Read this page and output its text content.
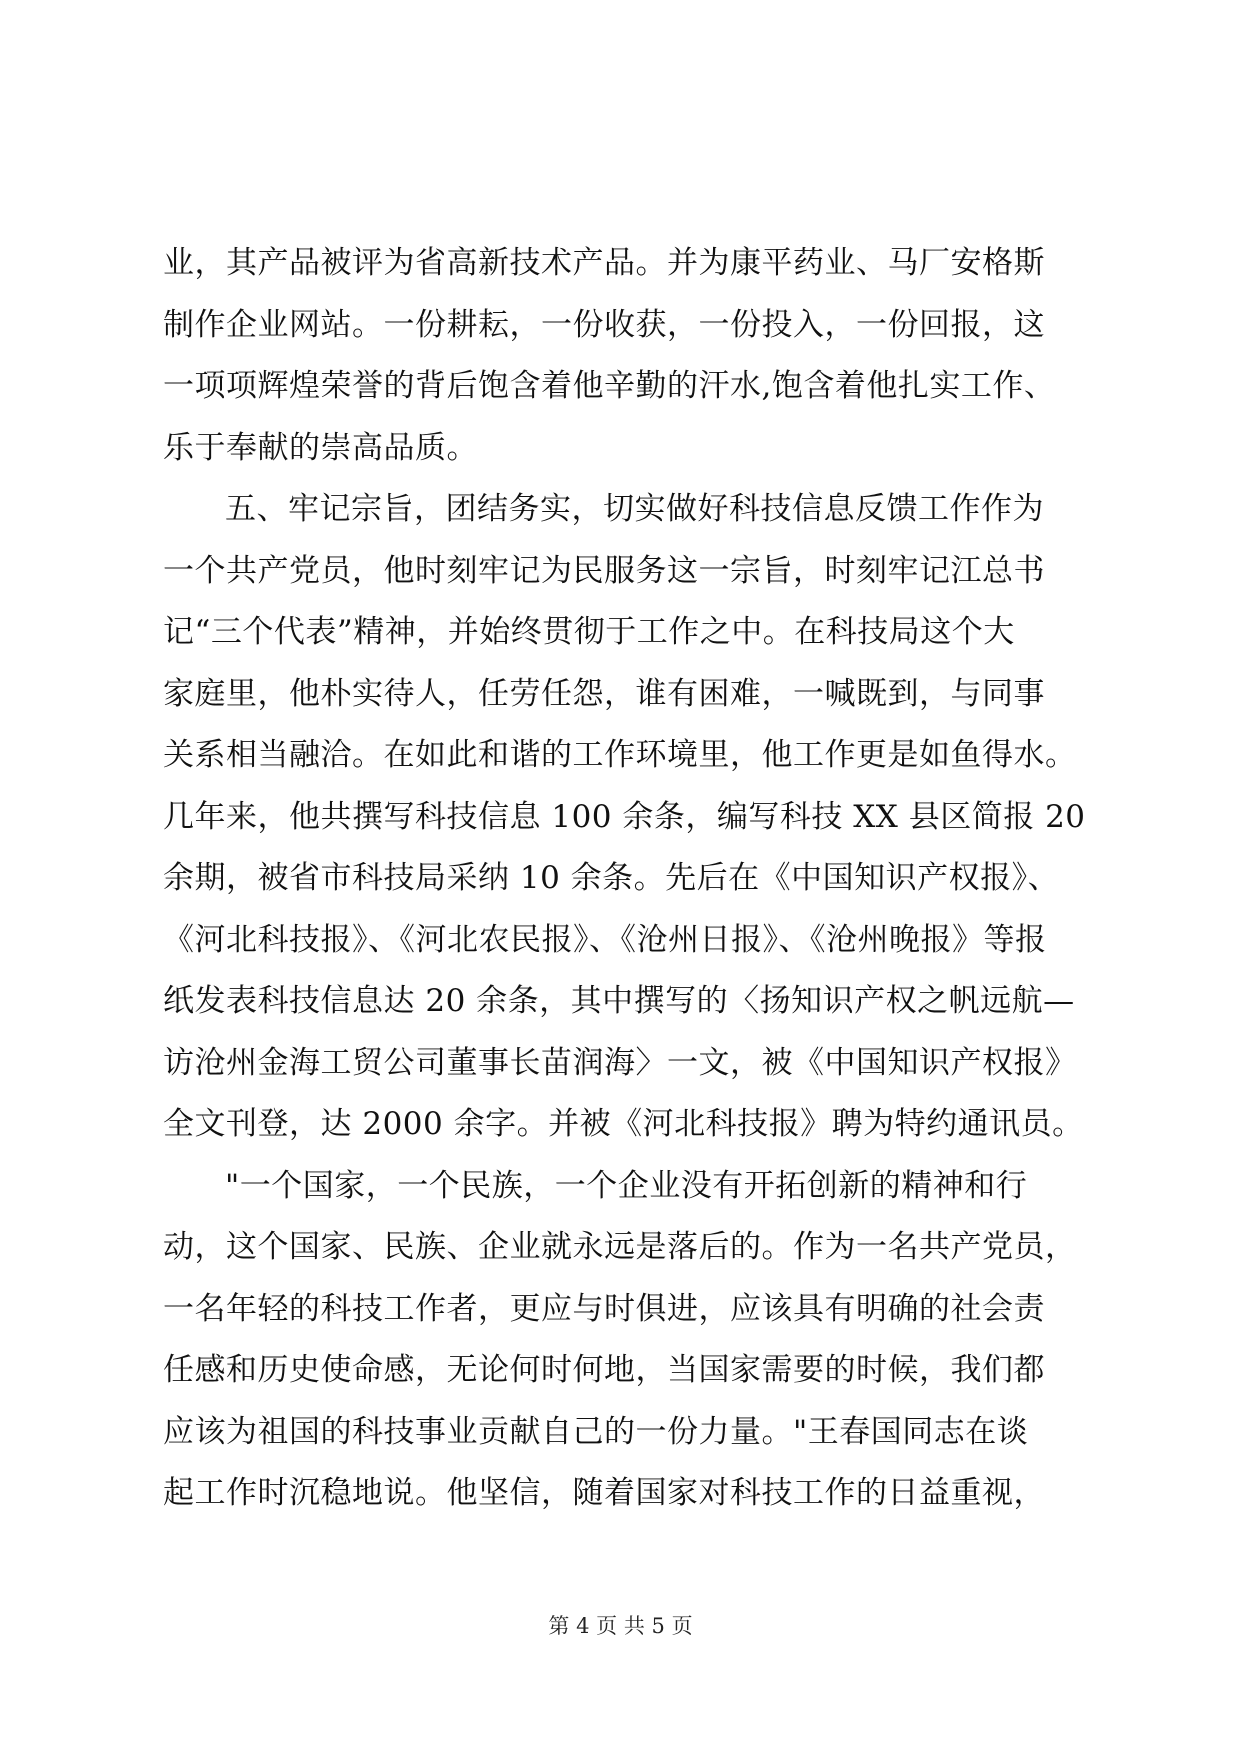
业，其产品被评为省高新技术产品。并为康平药业、马厂安格斯
制作企业网站。一份耕耘，一份收获，一份投入，一份回报，这
一项项辉煌荣誉的背后饱含着他辛勤的汗水,饱含着他扎实工作、
乐于奉献的崇高品质。
五、牢记宗旨，团结务实，切实做好科技信息反馈工作作为
一个共产党员，他时刻牢记为民服务这一宗旨，时刻牢记江总书
记“三个代表”精神，并始终贯彻于工作之中。在科技局这个大
家庭里，他朴实待人，任劳任怨，谁有困难，一喊既到，与同事
关系相当融洽。在如此和谐的工作环境里，他工作更是如鱼得水。
几年来，他共撰写科技信息 100 余条，编写科技 XX 县区简报 20
余期，被省市科技局采纳 10 余条。先后在《中国知识产权报》、
《河北科技报》、《河北农民报》、《沧州日报》、《沧州晚报》等报
纸发表科技信息达 20 余条，其中撰写的〈扬知识产权之帆远航—
访沧州金海工贸公司董事长苗润海〉一文，被《中国知识产权报》
全文刊登，达 2000 余字。并被《河北科技报》聘为特约通讯员。
"一个国家，一个民族，一个企业没有开拓创新的精神和行
动，这个国家、民族、企业就永远是落后的。作为一名共产党员，
一名年轻的科技工作者，更应与时俱进，应该具有明确的社会责
任感和历史使命感，无论何时何地，当国家需要的时候，我们都
应该为祖国的科技事业贡献自己的一份力量。"王春国同志在谈
起工作时沉稳地说。他坚信，随着国家对科技工作的日益重视，
第 4 页 共 5 页
